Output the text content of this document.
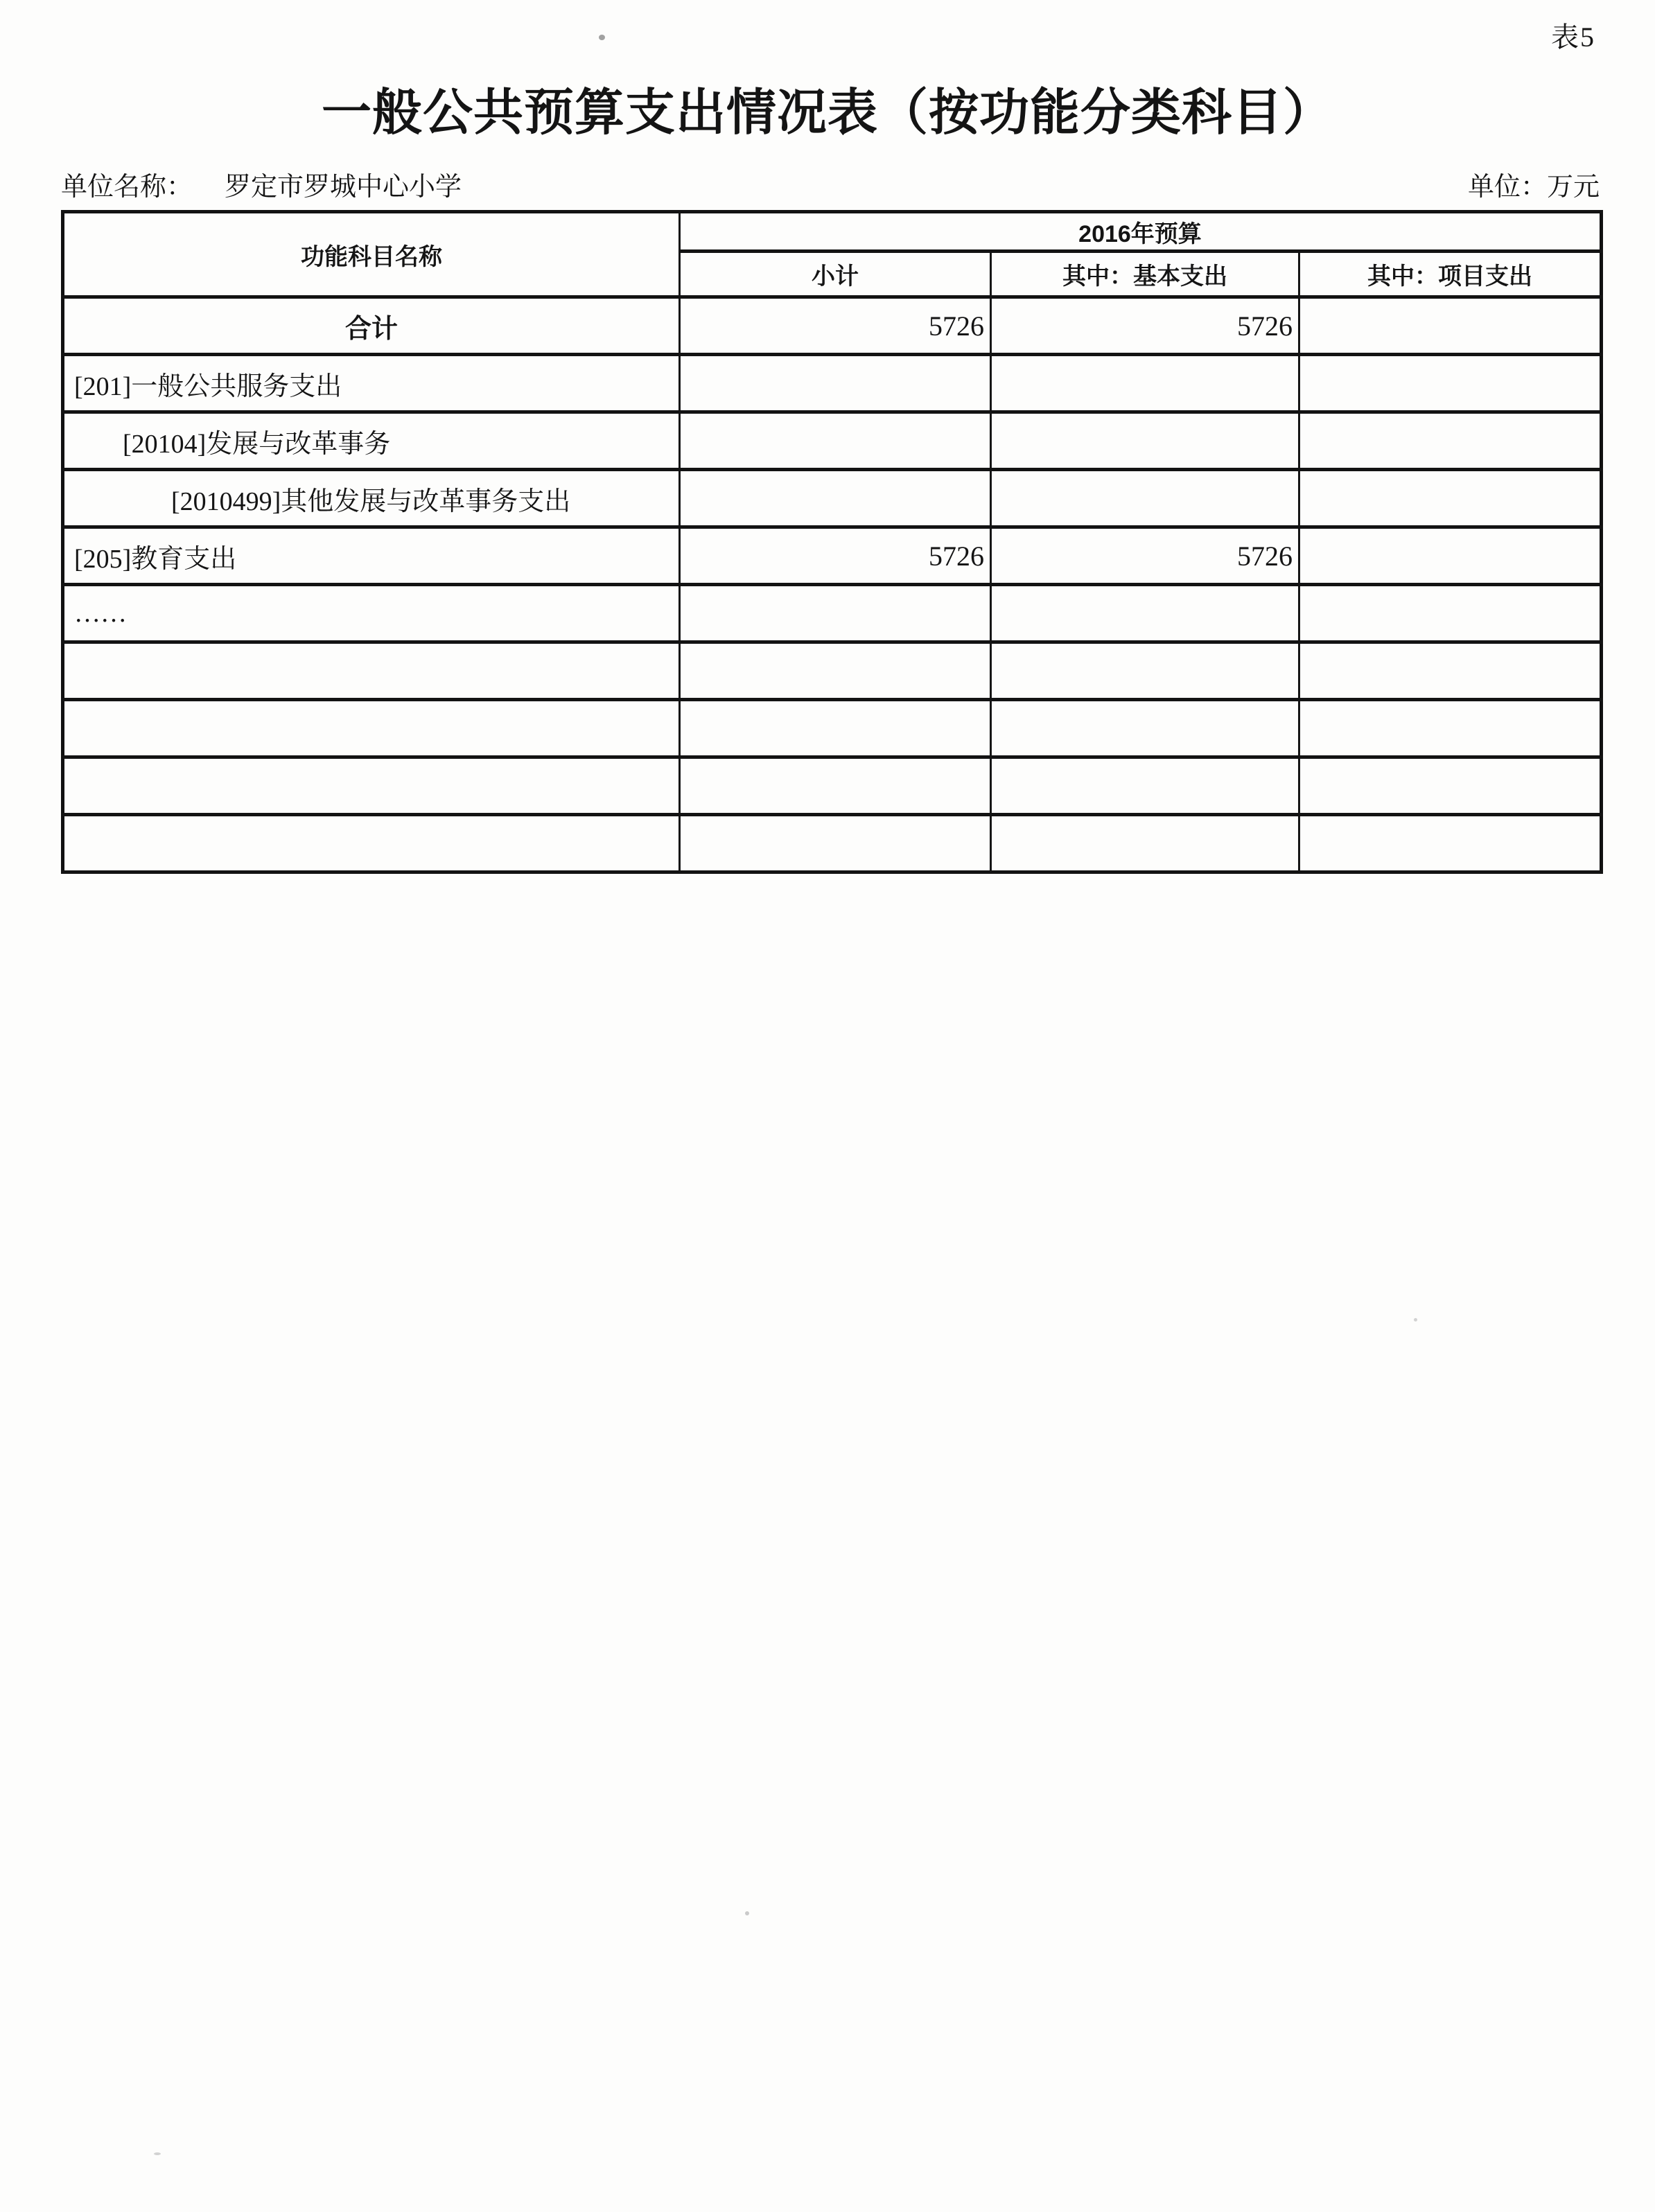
表5
一般公共预算支出情况表（按功能分类科目）
单位名称： 罗定市罗城中心小学	单位：万元
功能科目名称	2016年预算		
	小计	其中：基本支出	其中：项目支出
合计	5726	5726	
[201]一般公共服务支出			
[20104]发展与改革事务			
[2010499]其他发展与改革事务支出			
[205]教育支出	5726	5726	
……			
